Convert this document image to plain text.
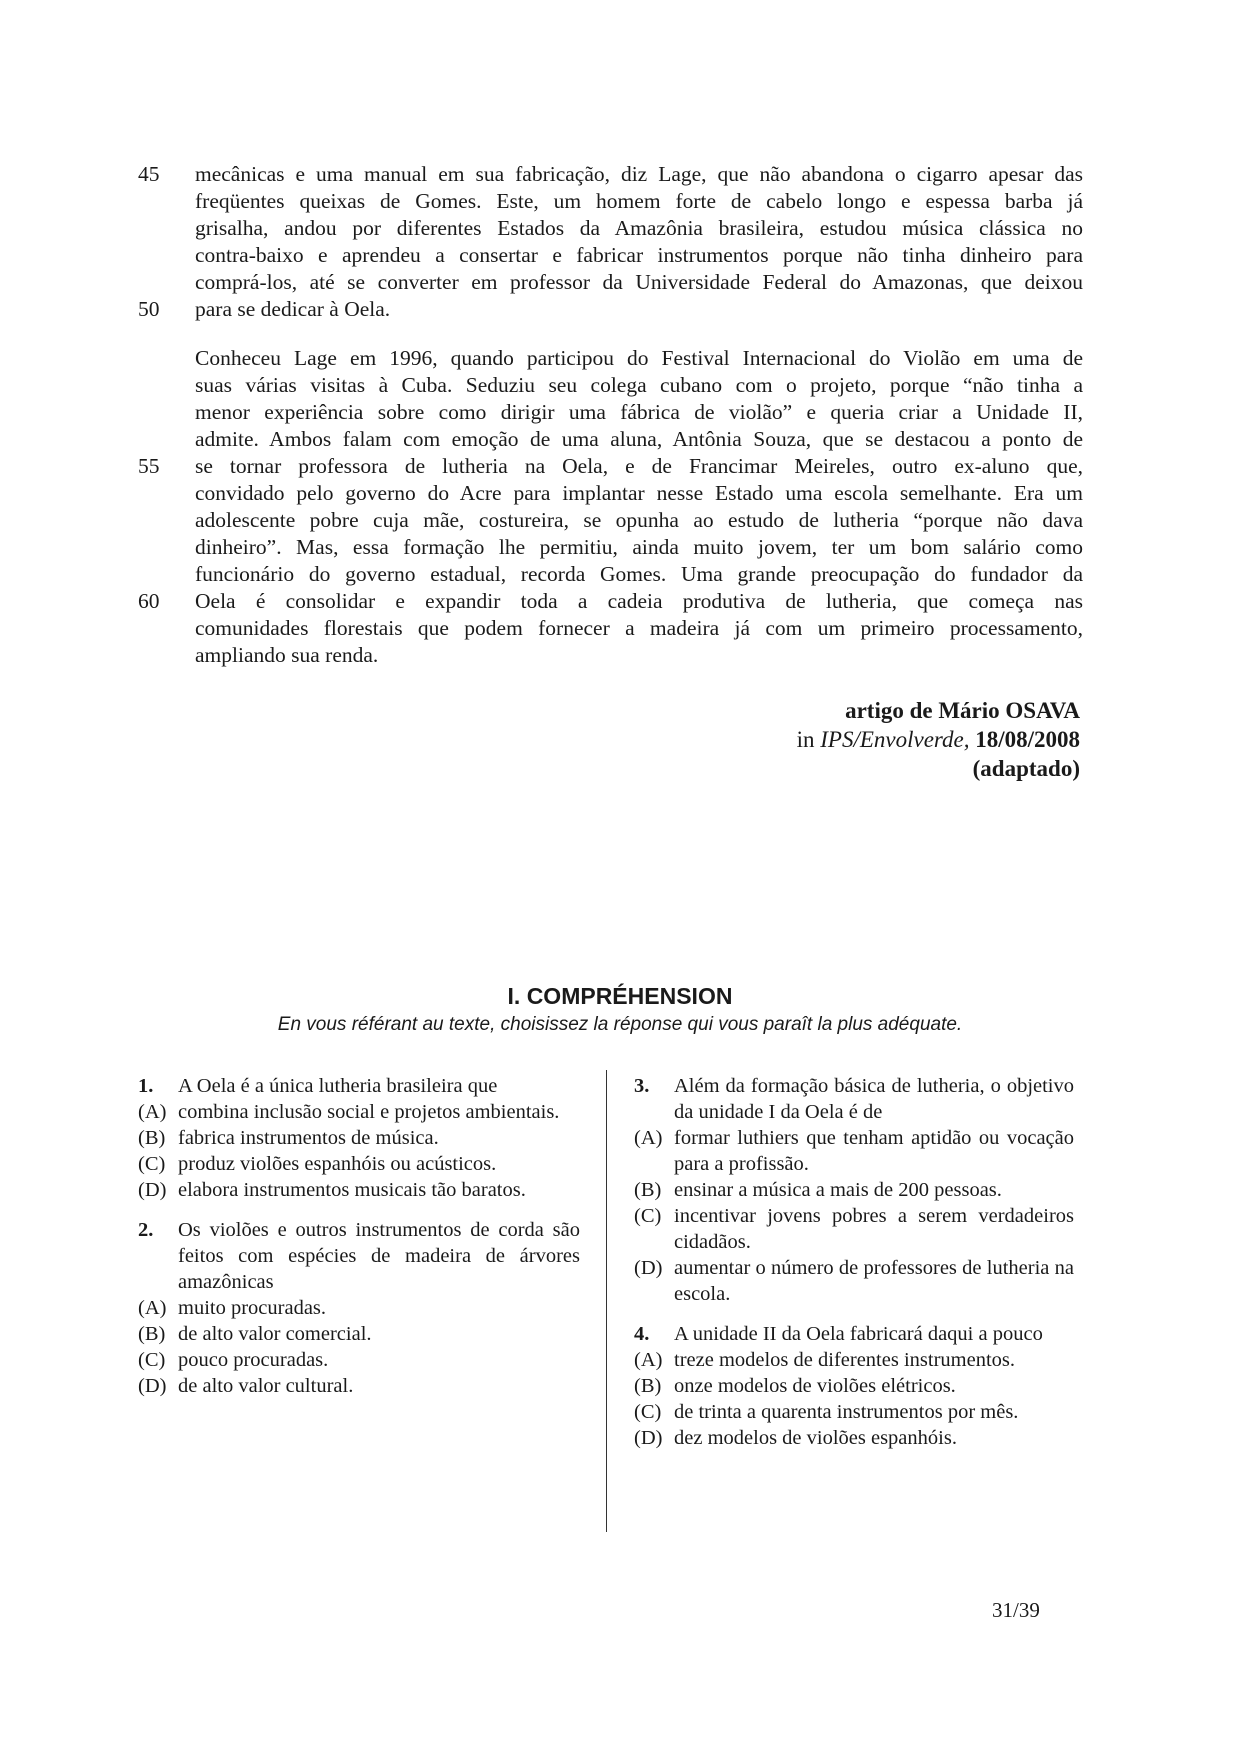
45 mecânicas e uma manual em sua fabricação, diz Lage, que não abandona o cigarro apesar das
freqüentes queixas de Gomes. Este, um homem forte de cabelo longo e espessa barba já
grisalha, andou por diferentes Estados da Amazônia brasileira, estudou música clássica no
contra-baixo e aprendeu a consertar e fabricar instrumentos porque não tinha dinheiro para
comprá-los, até se converter em professor da Universidade Federal do Amazonas, que deixou
50 para se dedicar à Oela.
Conheceu Lage em 1996, quando participou do Festival Internacional do Violão em uma de
suas várias visitas à Cuba. Seduziu seu colega cubano com o projeto, porque “não tinha a
menor experiência sobre como dirigir uma fábrica de violão” e queria criar a Unidade II,
admite. Ambos falam com emoção de uma aluna, Antônia Souza, que se destacou a ponto de
55 se tornar professora de lutheria na Oela, e de Francimar Meireles, outro ex-aluno que,
convidado pelo governo do Acre para implantar nesse Estado uma escola semelhante. Era um
adolescente pobre cuja mãe, costureira, se opunha ao estudo de lutheria “porque não dava
dinheiro”. Mas, essa formação lhe permitiu, ainda muito jovem, ter um bom salário como
funcionário do governo estadual, recorda Gomes. Uma grande preocupação do fundador da
60 Oela é consolidar e expandir toda a cadeia produtiva de lutheria, que começa nas
comunidades florestais que podem fornecer a madeira já com um primeiro processamento,
ampliando sua renda.
artigo de Mário OSAVA
in IPS/Envolverde, 18/08/2008
(adaptado)
I. COMPRÉHENSION
En vous référant au texte, choisissez la réponse qui vous paraît la plus adéquate.
1. A Oela é a única lutheria brasileira que
(A) combina inclusão social e projetos ambientais.
(B) fabrica instrumentos de música.
(C) produz violões espanhóis ou acústicos.
(D) elabora instrumentos musicais tão baratos.
2. Os violões e outros instrumentos de corda são feitos com espécies de madeira de árvores amazônicas
(A) muito procuradas.
(B) de alto valor comercial.
(C) pouco procuradas.
(D) de alto valor cultural.
3. Além da formação básica de lutheria, o objetivo da unidade I da Oela é de
(A) formar luthiers que tenham aptidão ou vocação para a profissão.
(B) ensinar a música a mais de 200 pessoas.
(C) incentivar jovens pobres a serem verdadeiros cidadãos.
(D) aumentar o número de professores de lutheria na escola.
4. A unidade II da Oela fabricará daqui a pouco
(A) treze modelos de diferentes instrumentos.
(B) onze modelos de violões elétricos.
(C) de trinta a quarenta instrumentos por mês.
(D) dez modelos de violões espanhóis.
31/39
